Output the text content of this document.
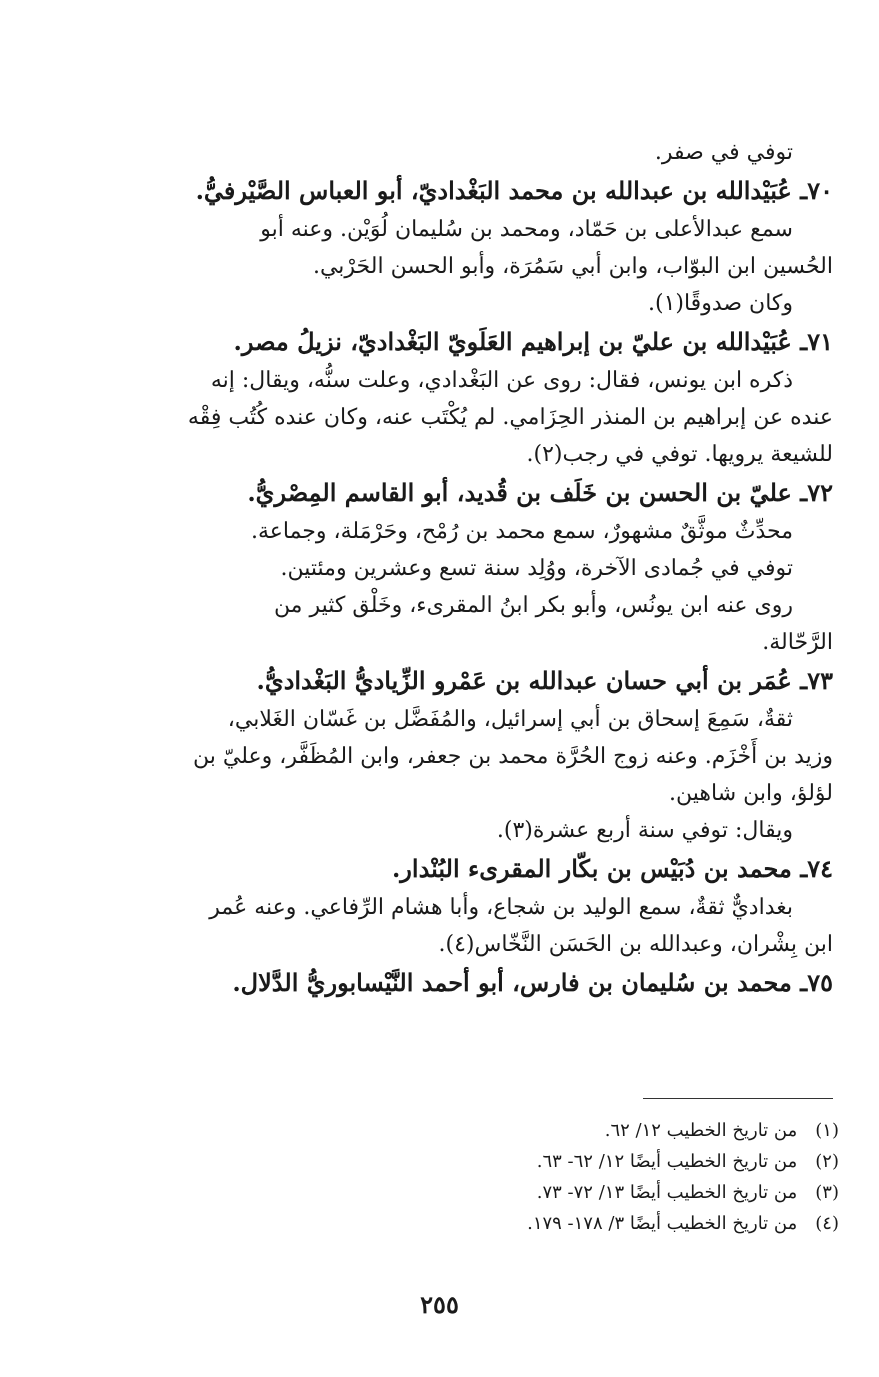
توفي في صفر.
٧٠ـ عُبَيْدالله بن عبدالله بن محمد البَغْداديّ، أبو العباس الصَّيْرفيُّ.
سمع عبدالأعلى بن حَمّاد، ومحمد بن سُليمان لُوَيْن. وعنه أبو
الحُسين ابن البوّاب، وابن أبي سَمُرَة، وأبو الحسن الحَرْبي.
وكان صدوقًا(١).
٧١ـ عُبَيْدالله بن عليّ بن إبراهيم العَلَويّ البَغْداديّ، نزيلُ مصر.
ذكره ابن يونس، فقال: روى عن البَغْدادي، وعلت سنُّه، ويقال: إنه
عنده عن إبراهيم بن المنذر الحِزَامي. لم يُكْتَب عنه، وكان عنده كُتُب فِقْه
للشيعة يرويها. توفي في رجب(٢).
٧٢ـ عليّ بن الحسن بن خَلَف بن قُديد، أبو القاسم المِصْريُّ.
محدِّثٌ موثَّقٌ مشهورٌ، سمع محمد بن رُمْح، وحَرْمَلة، وجماعة.
توفي في جُمادى الآخرة، ووُلِد سنة تسع وعشرين ومئتين.
روى عنه ابن يونُس، وأبو بكر ابنُ المقرىء، وخَلْق كثير من
الرَّحّالة.
٧٣ـ عُمَر بن أبي حسان عبدالله بن عَمْرو الزِّياديُّ البَغْداديُّ.
ثقةٌ، سَمِعَ إسحاق بن أبي إسرائيل، والمُفَضَّل بن غَسّان الغَلابي،
وزيد بن أَخْزَم. وعنه زوج الحُرَّة محمد بن جعفر، وابن المُظَفَّر، وعليّ بن
لؤلؤ، وابن شاهين.
ويقال: توفي سنة أربع عشرة(٣).
٧٤ـ محمد بن دُبَيْس بن بكّار المقرىء البُنْدار.
بغداديٌّ ثقةٌ، سمع الوليد بن شجاع، وأبا هشام الرِّفاعي. وعنه عُمر
ابن بِشْران، وعبدالله بن الحَسَن النَّخّاس(٤).
٧٥ـ محمد بن سُليمان بن فارس، أبو أحمد النَّيْسابوريُّ الدَّلال.
(١) من تاريخ الخطيب ١٢/ ٦٢.
(٢) من تاريخ الخطيب أيضًا ١٢/ ٦٢- ٦٣.
(٣) من تاريخ الخطيب أيضًا ١٣/ ٧٢- ٧٣.
(٤) من تاريخ الخطيب أيضًا ٣/ ١٧٨- ١٧٩.
٢٥٥
